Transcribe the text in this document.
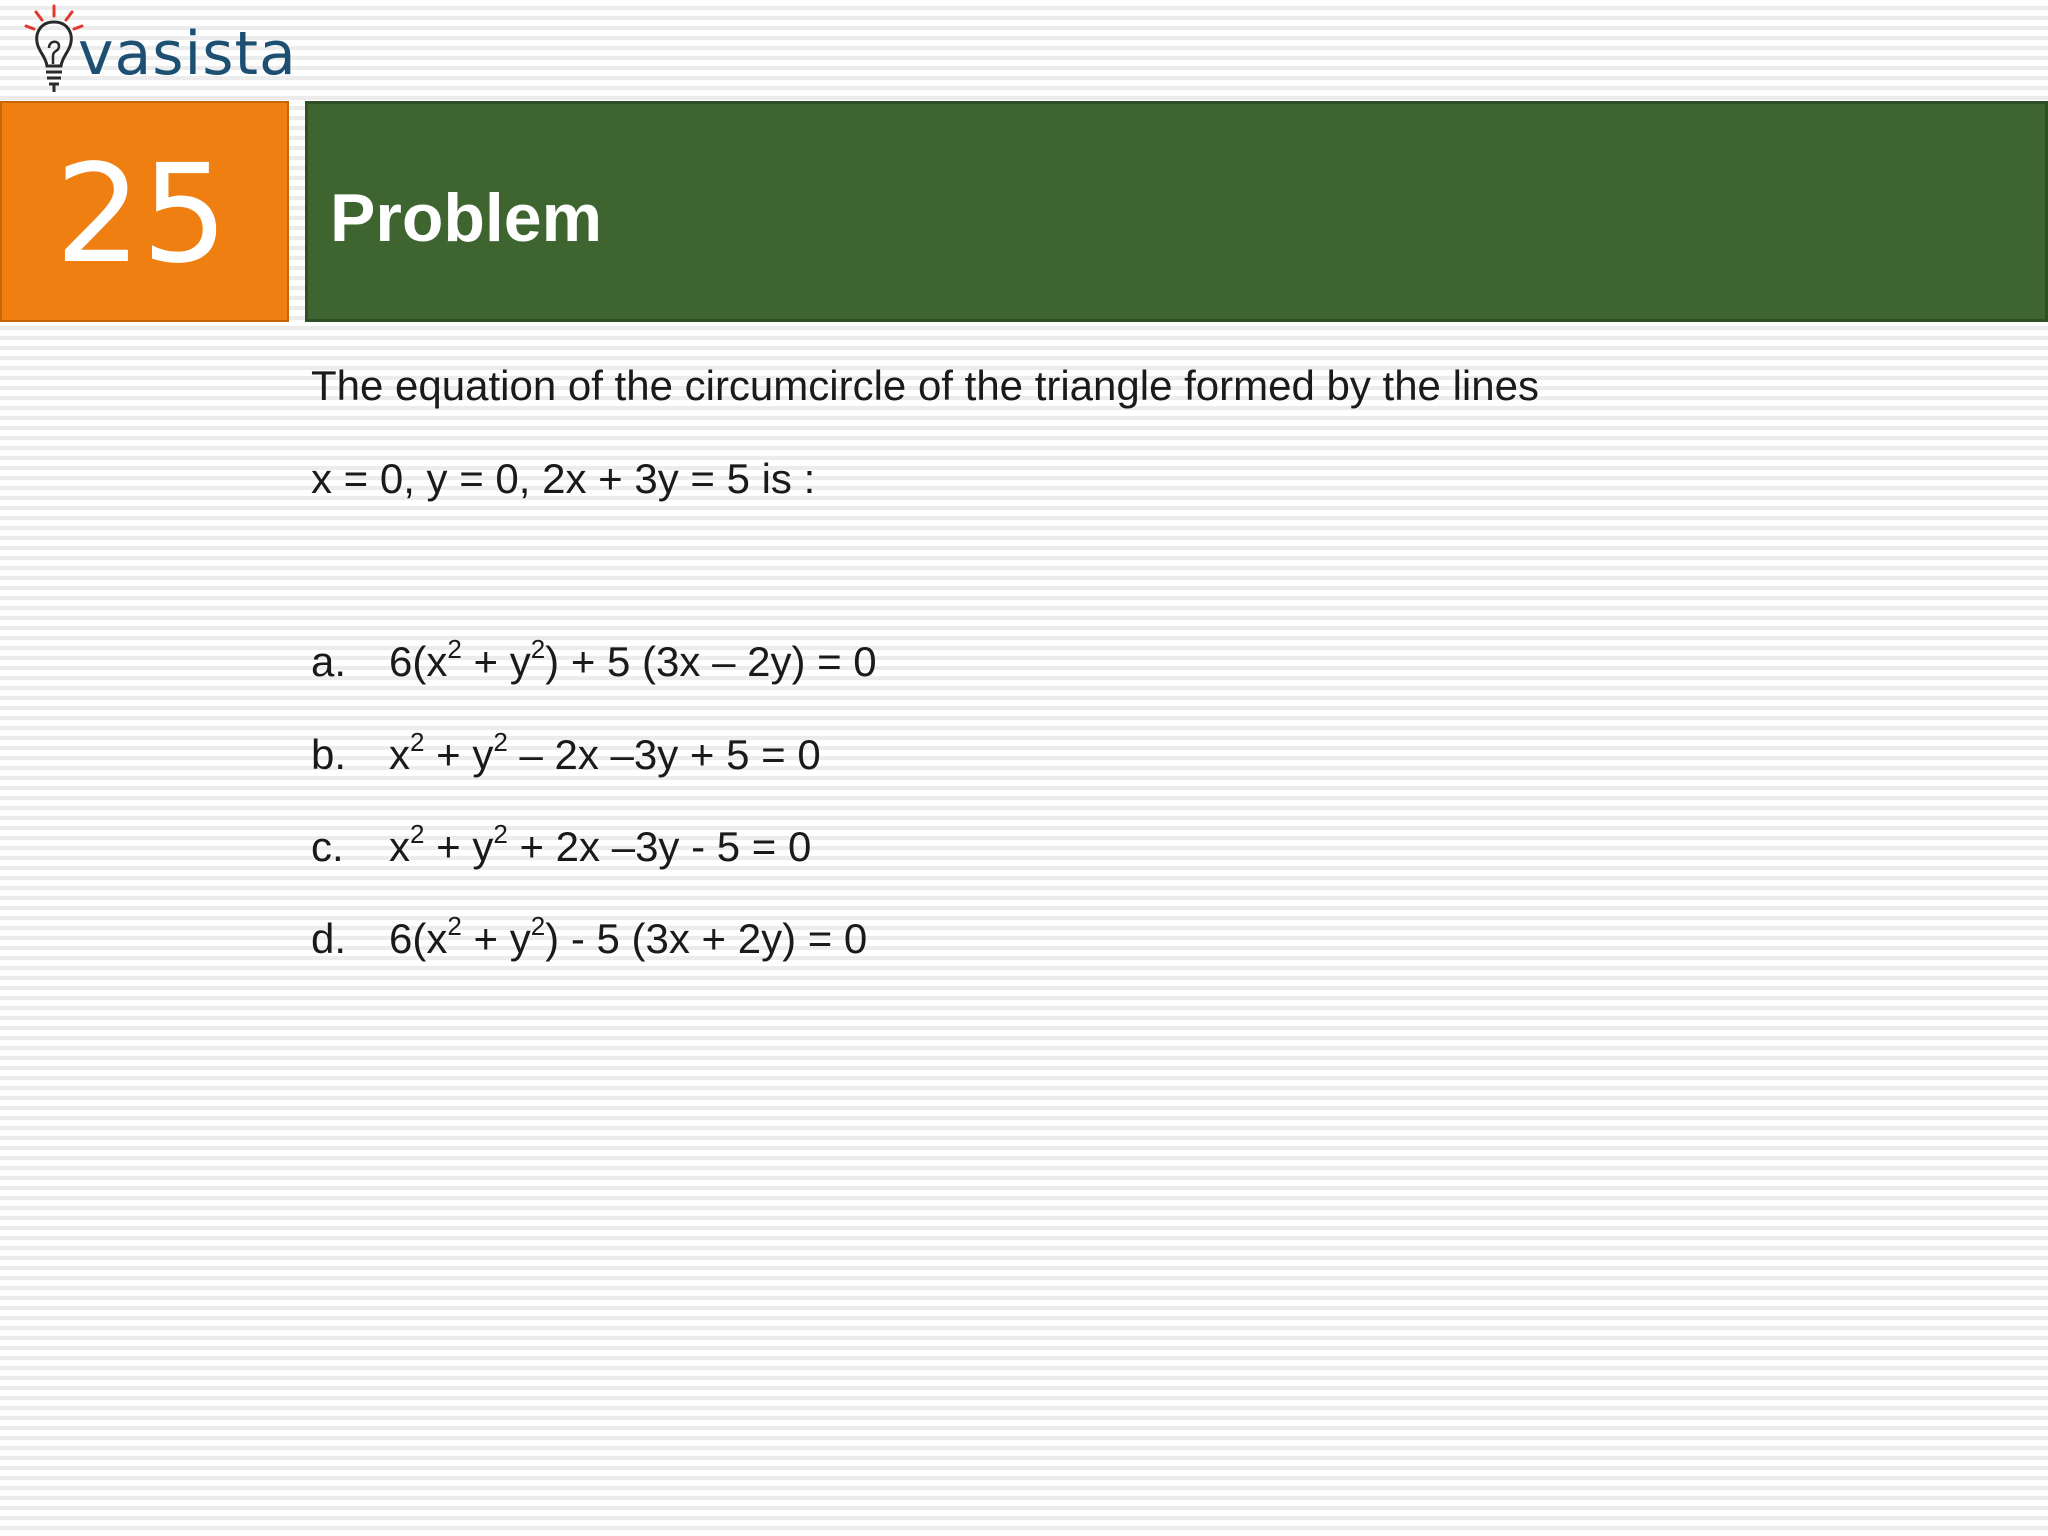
vasista
25 Problem
The equation of the circumcircle of the triangle formed by the lines
x = 0, y = 0, 2x + 3y = 5 is :
a. $6(x^2 + y^2) + 5$ (3x – 2y) = 0
b. $x^2 + y^2 - 2x$ –3y + 5 = 0
c. $x^2 + y^2 + 2x$ –3y - 5 = 0
d. $6(x^2 + y^2) - 5$ (3x + 2y) = 0
